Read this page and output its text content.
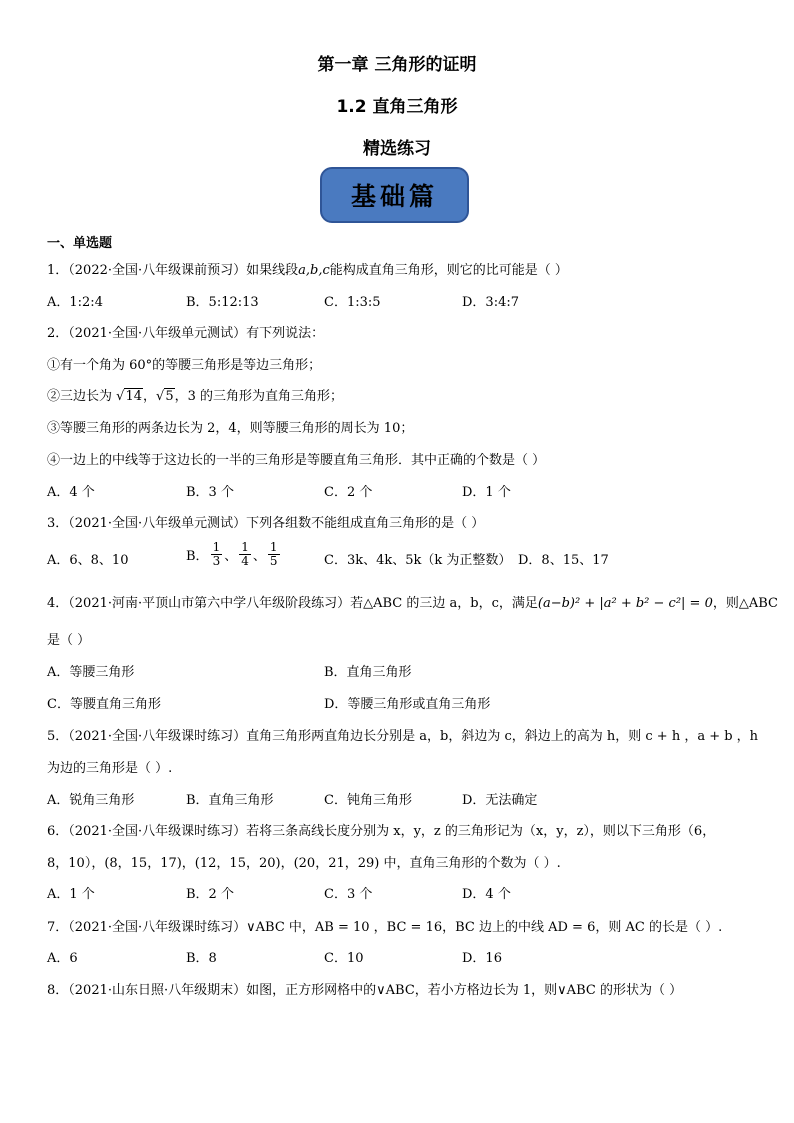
第一章 三角形的证明
1.2 直角三角形
精选练习
基础篇
一、单选题
1．（2022·全国·八年级课前预习）如果线段a,b,c能构成直角三角形，则它的比可能是（ ）
A．1:2:4	B．5:12:13	C．1:3:5	D．3:4:7
2．（2021·全国·八年级单元测试）有下列说法：
①有一个角为 60°的等腰三角形是等边三角形；
②三边长为 √14，√5，3 的三角形为直角三角形；
③等腰三角形的两条边长为 2，4，则等腰三角形的周长为 10；
④一边上的中线等于这边长的一半的三角形是等腰直角三角形．其中正确的个数是（ ）
A．4 个	B．3 个	C．2 个	D．1 个
3．（2021·全国·八年级单元测试）下列各组数不能组成直角三角形的是（ ）
A．6、8、10	B． $\frac{1}{3}$ 、 $\frac{1}{4}$ 、 $\frac{1}{5}$	C．3k、4k、5k（k 为正整数） D．8、15、17
4．（2021·河南·平顶山市第六中学八年级阶段练习）若△ABC 的三边 a，b，c，满足(a−b)² + |a² + b² − c²| = 0，则△ABC
是（ ）
A．等腰三角形	B．直角三角形
C．等腰直角三角形	D．等腰三角形或直角三角形
5．（2021·全国·八年级课时练习）直角三角形两直角边长分别是 a，b，斜边为 c，斜边上的高为 h，则 c + h ，a + b ，h
为边的三角形是（ ）.
A．锐角三角形	B．直角三角形	C．钝角三角形	D．无法确定
6．（2021·全国·八年级课时练习）若将三条高线长度分别为 x，y，z 的三角形记为（x，y，z），则以下三角形（6，
8，10），(8，15，17)，(12，15，20)，(20，21，29) 中，直角三角形的个数为（ ）.
A．1 个	B．2 个	C．3 个	D．4 个
7．（2021·全国·八年级课时练习）∨ABC 中，AB = 10 ，BC = 16，BC 边上的中线 AD = 6，则 AC 的长是（ ）.
A．6	B．8	C．10	D．16
8．（2021·山东日照·八年级期末）如图，正方形网格中的∨ABC，若小方格边长为 1，则∨ABC 的形状为（ ）
